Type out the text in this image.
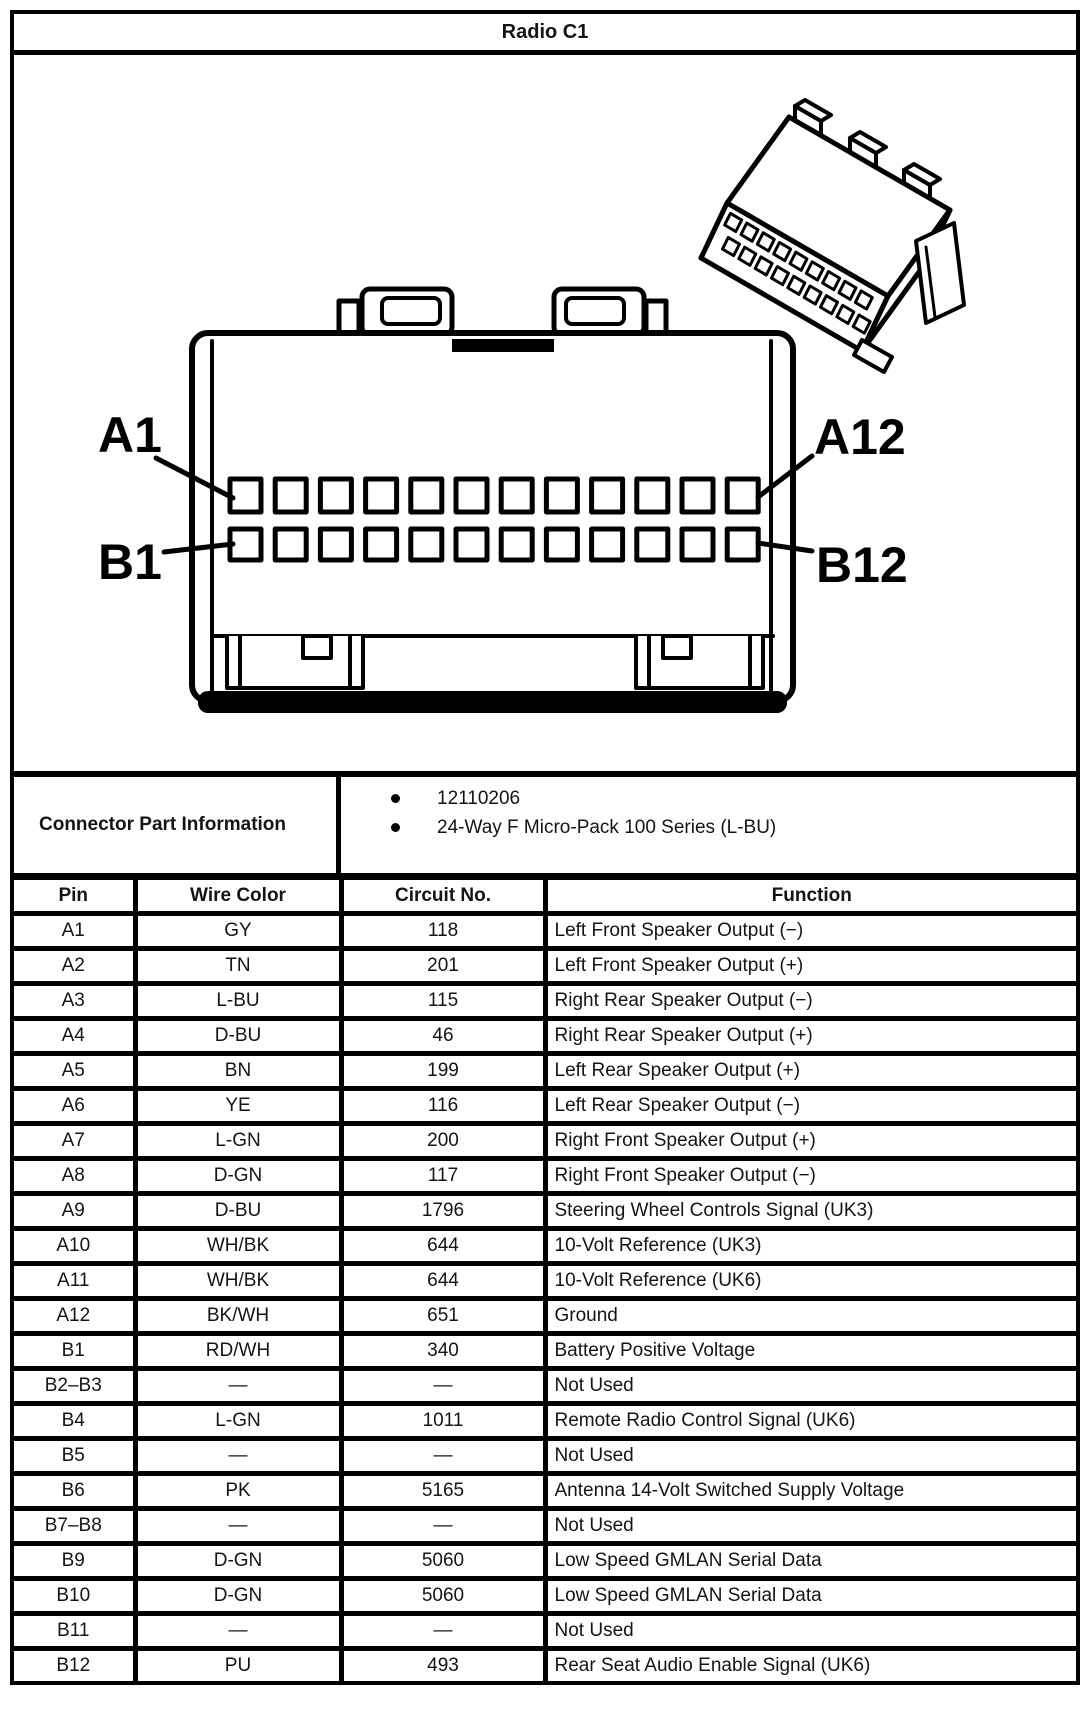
Radio C1
A1
B1
A12
B12
Connector Part Information
12110206
24-Way F Micro-Pack 100 Series (L-BU)
Pin	Wire Color	Circuit No.	Function
A1	GY	118	Left Front Speaker Output (−)
A2	TN	201	Left Front Speaker Output (+)
A3	L-BU	115	Right Rear Speaker Output (−)
A4	D-BU	46	Right Rear Speaker Output (+)
A5	BN	199	Left Rear Speaker Output (+)
A6	YE	116	Left Rear Speaker Output (−)
A7	L-GN	200	Right Front Speaker Output (+)
A8	D-GN	117	Right Front Speaker Output (−)
A9	D-BU	1796	Steering Wheel Controls Signal (UK3)
A10	WH/BK	644	10-Volt Reference (UK3)
A11	WH/BK	644	10-Volt Reference (UK6)
A12	BK/WH	651	Ground
B1	RD/WH	340	Battery Positive Voltage
B2–B3	—	—	Not Used
B4	L-GN	1011	Remote Radio Control Signal (UK6)
B5	—	—	Not Used
B6	PK	5165	Antenna 14-Volt Switched Supply Voltage
B7–B8	—	—	Not Used
B9	D-GN	5060	Low Speed GMLAN Serial Data
B10	D-GN	5060	Low Speed GMLAN Serial Data
B11	—	—	Not Used
B12	PU	493	Rear Seat Audio Enable Signal (UK6)
